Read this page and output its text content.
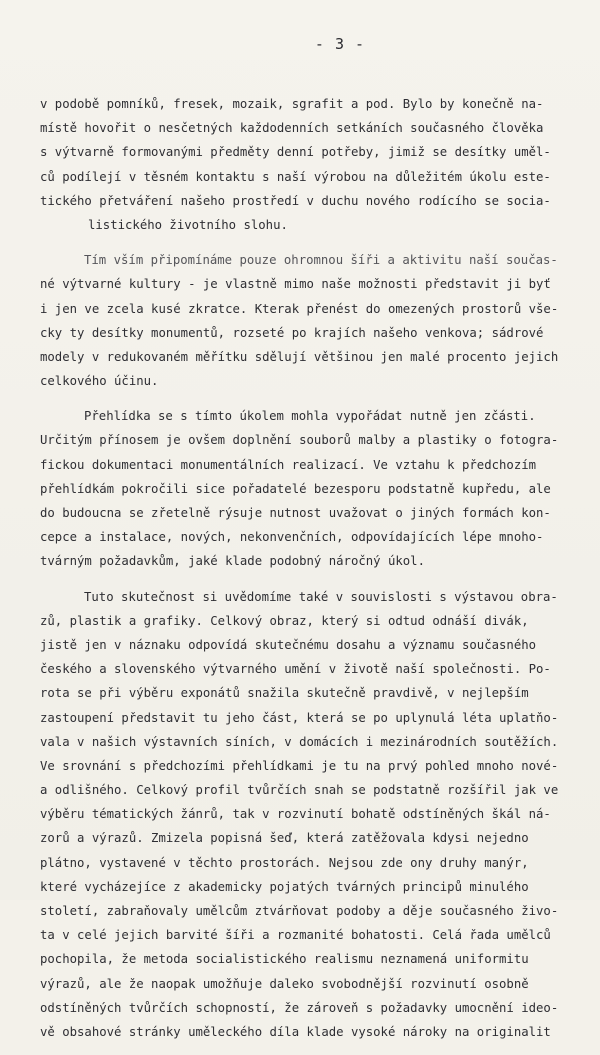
- 3 -
v podobě pomníků, fresek, mozaik, sgrafit a pod. Bylo by konečně na-
místě hovořit o nesčetných každodenních setkáních současného člověka
s výtvarně formovanými předměty denní potřeby, jimiž se desítky uměl-
ců podílejí v těsném kontaktu s naší výrobou na důležitém úkolu este-
tického přetváření našeho prostředí v duchu nového rodícího se socia-
listického životního slohu.
Tím vším připomínáme pouze ohromnou šíři a aktivitu naší součas-
né výtvarné kultury - je vlastně mimo naše možnosti představit ji byť
i jen ve zcela kusé zkratce. Kterak přenést do omezených prostorů vše-
cky ty desítky monumentů, rozseté po krajích našeho venkova; sádrové
modely v redukovaném měřítku sdělují většinou jen malé procento jejich
celkového účinu.
Přehlídka se s tímto úkolem mohla vypořádat nutně jen zčásti.
Určitým přínosem je ovšem doplnění souborů malby a plastiky o fotogra-
fickou dokumentaci monumentálních realizací. Ve vztahu k předchozím
přehlídkám pokročili sice pořadatelé bezesporu podstatně kupředu, ale
do budoucna se zřetelně rýsuje nutnost uvažovat o jiných formách kon-
cepce a instalace, nových, nekonvenčních, odpovídajících lépe mnoho-
tvárným požadavkům, jaké klade podobný náročný úkol.
Tuto skutečnost si uvědomíme také v souvislosti s výstavou obra-
zů, plastik a grafiky. Celkový obraz, který si odtud odnáší divák,
jistě jen v náznaku odpovídá skutečnému dosahu a významu současného
českého a slovenského výtvarného umění v životě naší společnosti. Po-
rota se při výběru exponátů snažila skutečně pravdivě, v nejlepším
zastoupení představit tu jeho část, která se po uplynulá léta uplatňo-
vala v našich výstavních síních, v domácích i mezinárodních soutěžích.
Ve srovnání s předchozími přehlídkami je tu na prvý pohled mnoho nové-
a odlišného. Celkový profil tvůrčích snah se podstatně rozšířil jak ve
výběru tématických žánrů, tak v rozvinutí bohatě odstíněných škál ná-
zorů a výrazů. Zmizela popisná šeď, která zatěžovala kdysi nejedno
plátno, vystavené v těchto prostorách. Nejsou zde ony druhy manýr,
které vycházejíce z akademicky pojatých tvárných principů minulého
století, zabraňovaly umělcům ztvárňovat podoby a děje současného živo-
ta v celé jejich barvité šíři a rozmanité bohatosti. Celá řada umělců
pochopila, že metoda socialistického realismu neznamená uniformitu
výrazů, ale že naopak umožňuje daleko svobodnější rozvinutí osobně
odstíněných tvůrčích schopností, že zároveň s požadavky umocnění ideo-
vě obsahové stránky uměleckého díla klade vysoké nároky na originalit
